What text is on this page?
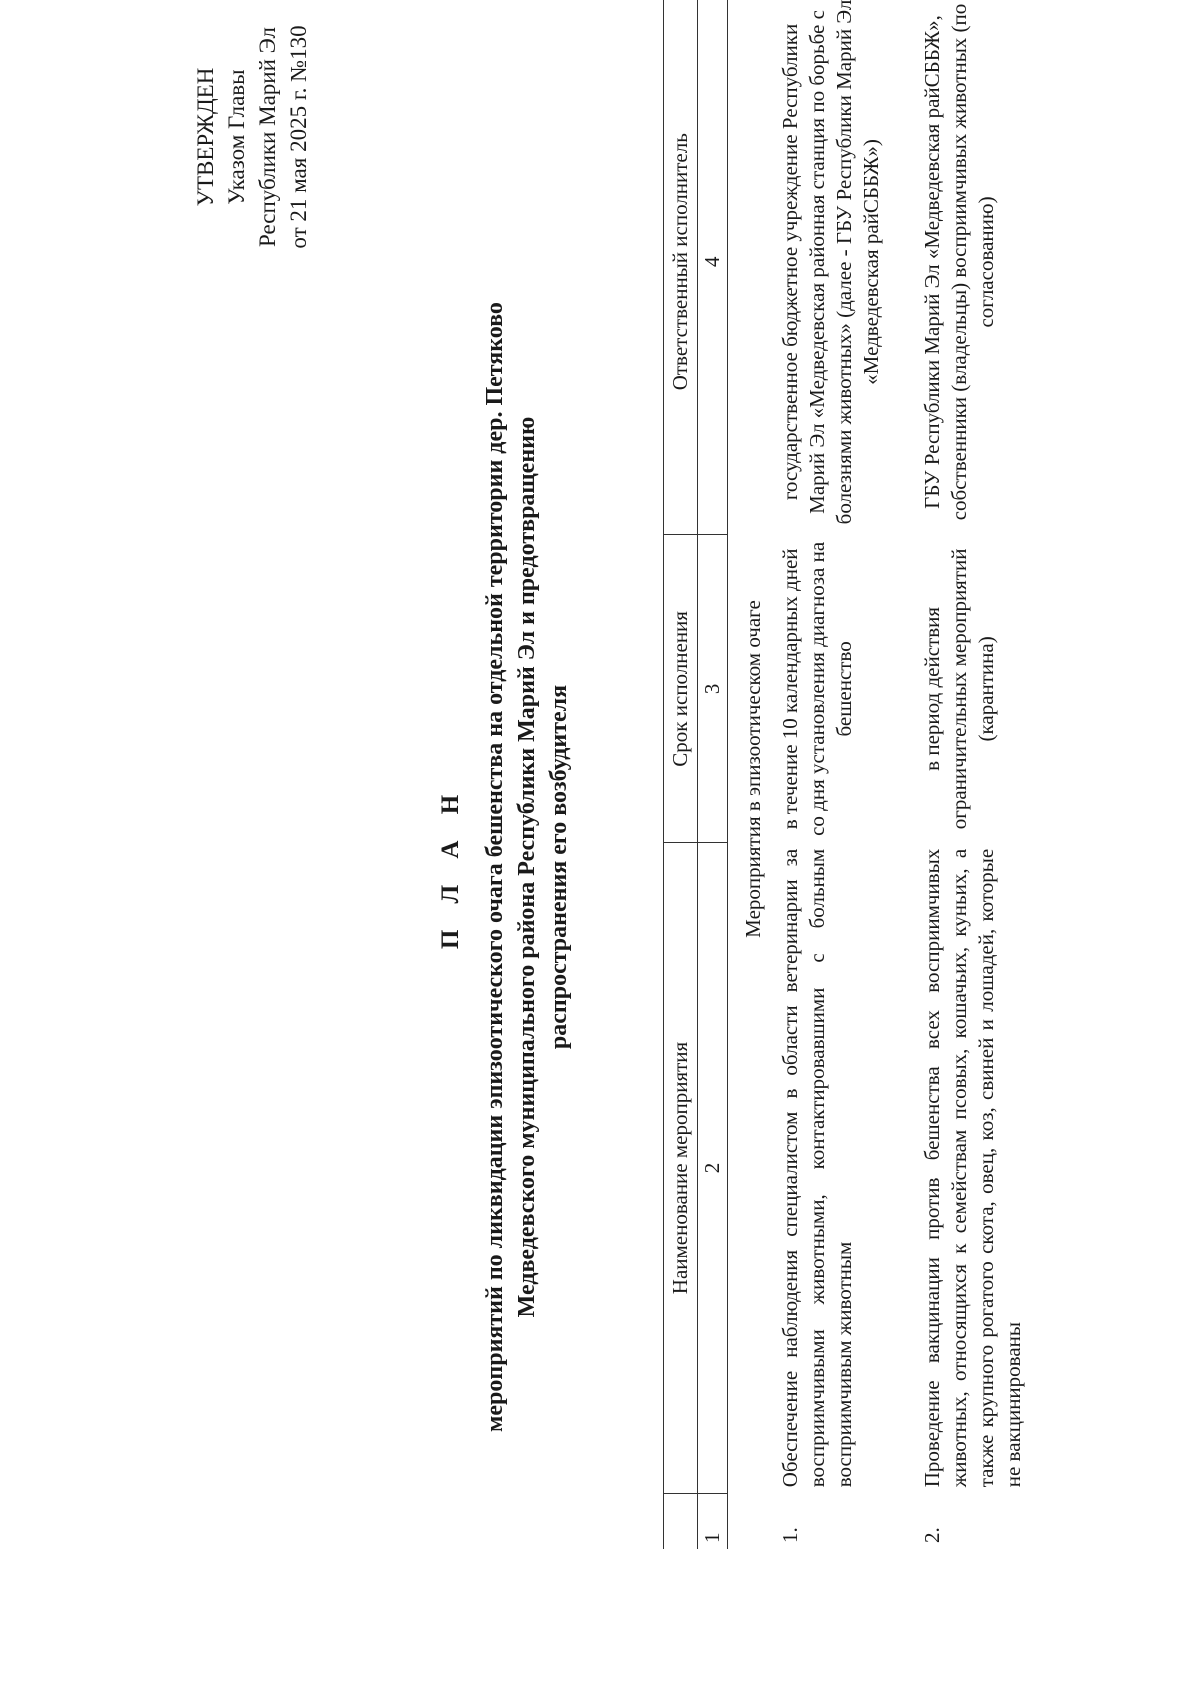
УТВЕРЖДЕН Указом Главы Республики Марий Эл от 21 мая 2025 г. №130
П Л А Н мероприятий по ликвидации эпизоотического очага бешенства на отдельной территории дер. Петяково Медведевского муниципального района Республики Марий Эл и предотвращению распространения его возбудителя
	Наименование мероприятия	Срок исполнения	Ответственный исполнитель
1	2	3	4
Мероприятия в эпизоотическом очаге			
1.	Обеспечение наблюдения специалистом в области ветеринарии за восприимчивыми животными, контактировавшими с больным восприимчивым животным	в течение 10 календарных дней со дня установления диагноза на бешенство	государственное бюджетное учреждение Республики Марий Эл «Медведевская районная станция по борьбе с болезнями животных» (далее - ГБУ Республики Марий Эл «Медведевская райСББЖ»)
2.	Проведение вакцинации против бешенства всех восприимчивых животных, относящихся к семействам псовых, кошачьих, куньих, а также крупного рогатого скота, овец, коз, свиней и лошадей, которые не вакцинированы	в период действия ограничительных мероприятий (карантина)	ГБУ Республики Марий Эл «Медведевская райСББЖ», собственники (владельцы) восприимчивых животных (по согласованию)
